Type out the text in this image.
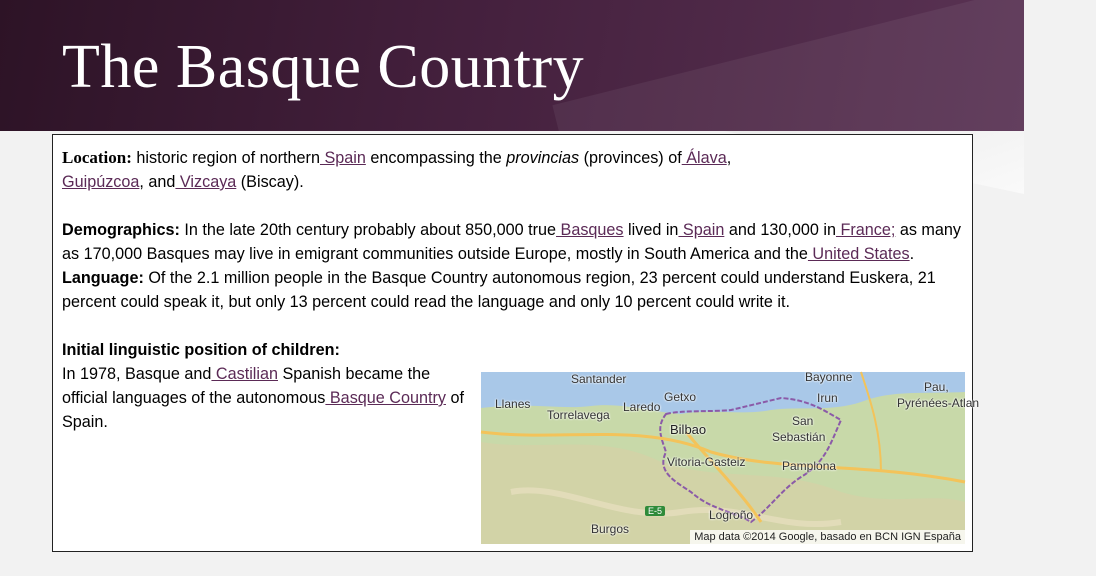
The Basque Country

Location: historic region of northern Spain encompassing the provincias (provinces) of Álava,
Guipúzcoa, and Vizcaya (Biscay).

Demographics: In the late 20th century probably about 850,000 true Basques lived in Spain and 130,000 in France; as many as 170,000 Basques may live in emigrant communities outside Europe, mostly in South America and the United States.

Language: Of the 2.1 million people in the Basque Country autonomous region, 23 percent could understand Euskera, 21 percent could speak it, but only 13 percent could read the language and only 10 percent could write it.

Initial linguistic position of children:
In 1978, Basque and Castilian Spanish became the official languages of the autonomous Basque Country of Spain.
Santander	Bayonne
Getxo
Pau,
Llanes	Irun	Pyrénées-Atlan
Torrelavega
Laredo
San
Bilbao	Sebastián
Vitoria-Gasteiz	Pamplona
Logroño
Burgos
E-5
Map data ©2014 Google, basado en BCN IGN España
